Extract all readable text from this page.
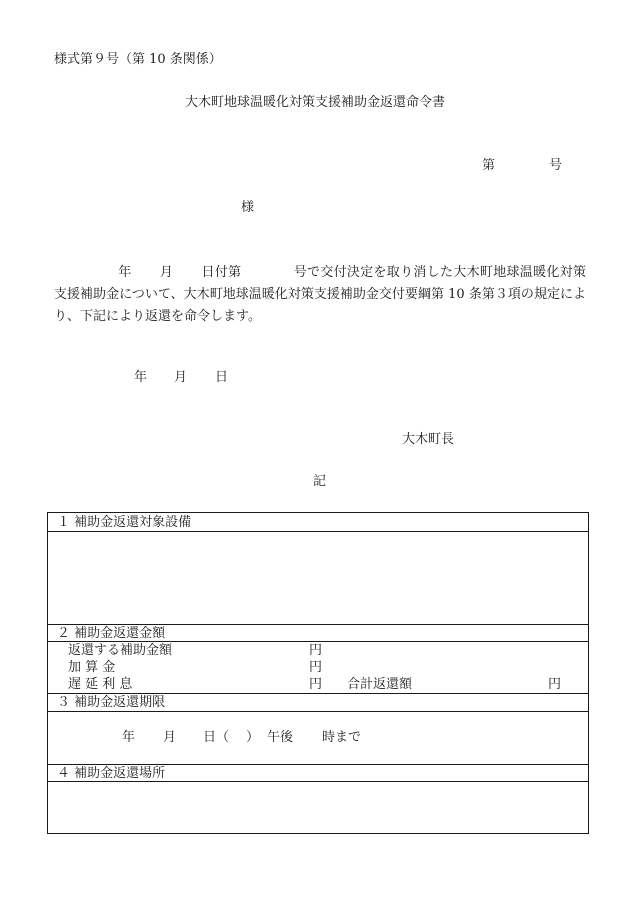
様式第９号（第 10 条関係）
大木町地球温暖化対策支援補助金返還命令書
第	号
様
年 月 日付第	号で交付決定を取り消した大木町地球温暖化対策支援補助金について、大木町地球温暖化対策支援補助金交付要綱第 10 条第３項の規定により、下記により返還を命令します。
年 月 日
大木町長
記
１ 補助金返還対象設備
２ 補助金返還金額
返還する補助金額	円
加 算 金	円
遅 延 利 息	円 合計返還額	円
３ 補助金返還期限
年 月 日（　 ） 午後 時まで
４ 補助金返還場所
